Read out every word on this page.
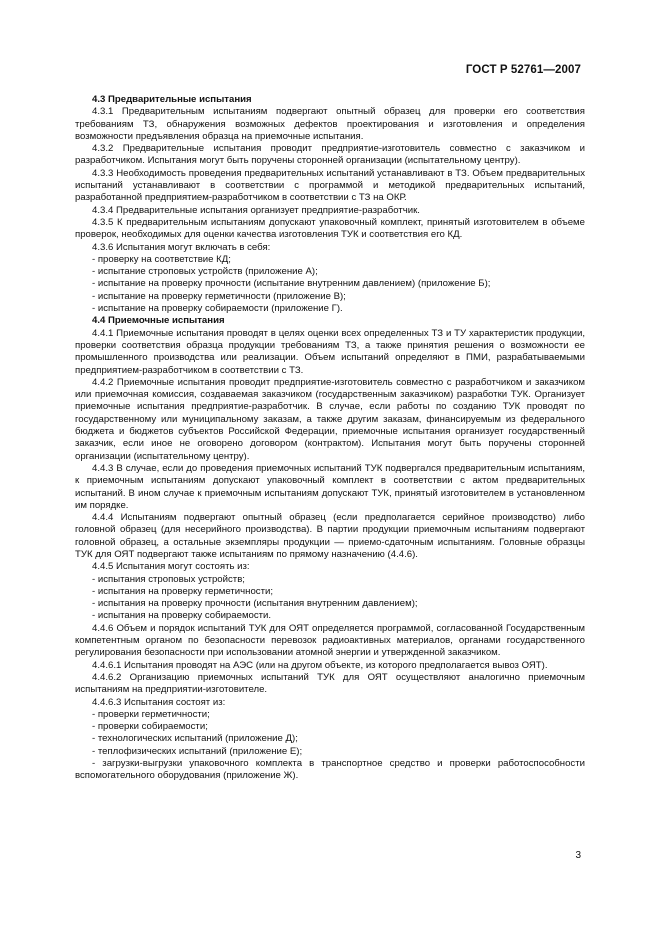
ГОСТ Р 52761—2007

4.3 Предварительные испытания

4.3.1 Предварительным испытаниям подвергают опытный образец для проверки его соответствия требованиям ТЗ, обнаружения возможных дефектов проектирования и изготовления и определения возможности предъявления образца на приемочные испытания.

4.3.2 Предварительные испытания проводит предприятие-изготовитель совместно с заказчиком и разработчиком. Испытания могут быть поручены сторонней организации (испытательному центру).

4.3.3 Необходимость проведения предварительных испытаний устанавливают в ТЗ. Объем предварительных испытаний устанавливают в соответствии с программой и методикой предварительных испытаний, разработанной предприятием-разработчиком в соответствии с ТЗ на ОКР.

4.3.4 Предварительные испытания организует предприятие-разработчик.

4.3.5 К предварительным испытаниям допускают упаковочный комплект, принятый изготовителем в объеме проверок, необходимых для оценки качества изготовления ТУК и соответствия его КД.

4.3.6 Испытания могут включать в себя:

- проверку на соответствие КД;

- испытание строповых устройств (приложение А);

- испытание на проверку прочности (испытание внутренним давлением) (приложение Б);

- испытание на проверку герметичности (приложение В);

- испытание на проверку собираемости (приложение Г).

4.4 Приемочные испытания

4.4.1 Приемочные испытания проводят в целях оценки всех определенных ТЗ и ТУ характеристик продукции, проверки соответствия образца продукции требованиям ТЗ, а также принятия решения о возможности ее промышленного производства или реализации. Объем испытаний определяют в ПМИ, разрабатываемыми предприятием-разработчиком в соответствии с ТЗ.

4.4.2 Приемочные испытания проводит предприятие-изготовитель совместно с разработчиком и заказчиком или приемочная комиссия, создаваемая заказчиком (государственным заказчиком) разработки ТУК. Организует приемочные испытания предприятие-разработчик. В случае, если работы по созданию ТУК проводят по государственному или муниципальному заказам, а также другим заказам, финансируемым из федерального бюджета и бюджетов субъектов Российской Федерации, приемочные испытания организует государственный заказчик, если иное не оговорено договором (контрактом). Испытания могут быть поручены сторонней организации (испытательному центру).

4.4.3 В случае, если до проведения приемочных испытаний ТУК подвергался предварительным испытаниям, к приемочным испытаниям допускают упаковочный комплект в соответствии с актом предварительных испытаний. В ином случае к приемочным испытаниям допускают ТУК, принятый изготовителем в установленном им порядке.

4.4.4 Испытаниям подвергают опытный образец (если предполагается серийное производство) либо головной образец (для несерийного производства). В партии продукции приемочным испытаниям подвергают головной образец, а остальные экземпляры продукции — приемо-сдаточным испытаниям. Головные образцы ТУК для ОЯТ подвергают также испытаниям по прямому назначению (4.4.6).

4.4.5 Испытания могут состоять из:

- испытания строповых устройств;

- испытания на проверку герметичности;

- испытания на проверку прочности (испытания внутренним давлением);

- испытания на проверку собираемости.

4.4.6 Объем и порядок испытаний ТУК для ОЯТ определяется программой, согласованной Государственным компетентным органом по безопасности перевозок радиоактивных материалов, органами государственного регулирования безопасности при использовании атомной энергии и утвержденной заказчиком.

4.4.6.1 Испытания проводят на АЭС (или на другом объекте, из которого предполагается вывоз ОЯТ).

4.4.6.2 Организацию приемочных испытаний ТУК для ОЯТ осуществляют аналогично приемочным испытаниям на предприятии-изготовителе.

4.4.6.3 Испытания состоят из:

- проверки герметичности;

- проверки собираемости;

- технологических испытаний (приложение Д);

- теплофизических испытаний (приложение Е);

- загрузки-выгрузки упаковочного комплекта в транспортное средство и проверки работоспособности вспомогательного оборудования (приложение Ж).

3
